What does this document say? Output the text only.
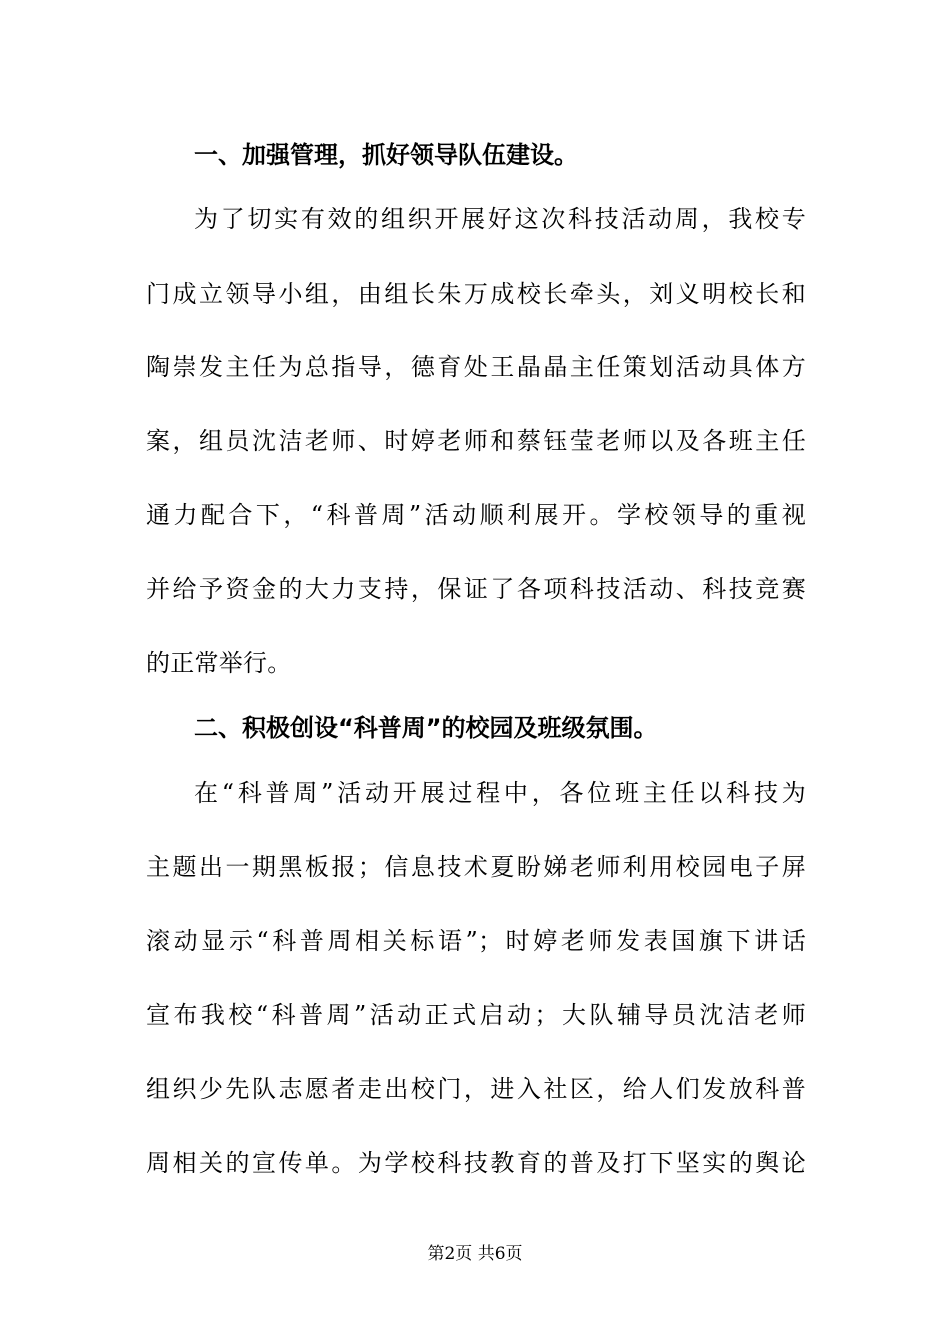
一、加强管理，抓好领导队伍建设。
为了切实有效的组织开展好这次科技活动周，我校专
门成立领导小组，由组长朱万成校长牵头，刘义明校长和
陶崇发主任为总指导，德育处王晶晶主任策划活动具体方
案，组员沈洁老师、时婷老师和蔡钰莹老师以及各班主任
通力配合下，“科普周”活动顺利展开。学校领导的重视
并给予资金的大力支持，保证了各项科技活动、科技竞赛
的正常举行。
二、积极创设“科普周”的校园及班级氛围。
在“科普周”活动开展过程中，各位班主任以科技为
主题出一期黑板报；信息技术夏盼娣老师利用校园电子屏
滚动显示“科普周相关标语”；时婷老师发表国旗下讲话
宣布我校“科普周”活动正式启动；大队辅导员沈洁老师
组织少先队志愿者走出校门，进入社区，给人们发放科普
周相关的宣传单。为学校科技教育的普及打下坚实的舆论
第2页 共6页
